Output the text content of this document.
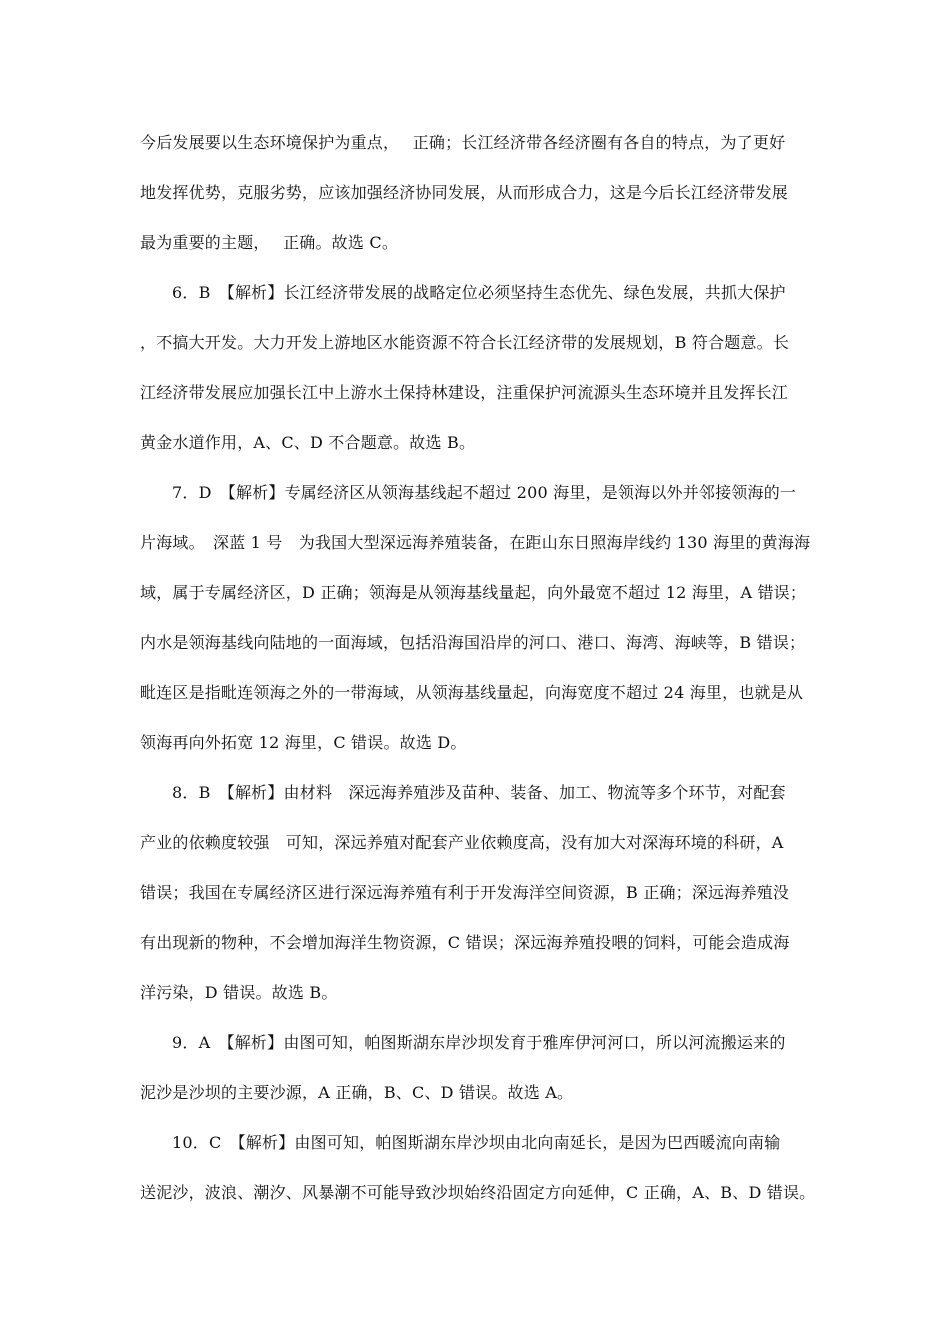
今后发展要以生态环境保护为重点，　 正确；长江经济带各经济圈有各自的特点，为了更好
地发挥优势，克服劣势，应该加强经济协同发展，从而形成合力，这是今后长江经济带发展
最为重要的主题，　 正确。故选 C。
6．B　【解析】长江经济带发展的战略定位必须坚持生态优先、绿色发展，共抓大保护
，不搞大开发。大力开发上游地区水能资源不符合长江经济带的发展规划，B 符合题意。长
江经济带发展应加强长江中上游水土保持林建设，注重保护河流源头生态环境并且发挥长江
黄金水道作用，A、C、D 不合题意。故选 B。
7．D　【解析】专属经济区从领海基线起不超过 200 海里，是领海以外并邻接领海的一
片海域。　深蓝 1 号　为我国大型深远海养殖装备，在距山东日照海岸线约 130 海里的黄海海
域，属于专属经济区，D 正确；领海是从领海基线量起，向外最宽不超过 12 海里，A 错误；
内水是领海基线向陆地的一面海域，包括沿海国沿岸的河口、港口、海湾、海峡等，B 错误；
毗连区是指毗连领海之外的一带海域，从领海基线量起，向海宽度不超过 24 海里，也就是从
领海再向外拓宽 12 海里，C 错误。故选 D。
8．B　【解析】由材料　深远海养殖涉及苗种、装备、加工、物流等多个环节，对配套
产业的依赖度较强　可知，深远养殖对配套产业依赖度高，没有加大对深海环境的科研，A
错误；我国在专属经济区进行深远海养殖有利于开发海洋空间资源，B 正确；深远海养殖没
有出现新的物种，不会增加海洋生物资源，C 错误；深远海养殖投喂的饲料，可能会造成海
洋污染，D 错误。故选 B。
9．A　【解析】由图可知，帕图斯湖东岸沙坝发育于雅库伊河河口，所以河流搬运来的
泥沙是沙坝的主要沙源，A 正确，B、C、D 错误。故选 A。
10．C　【解析】由图可知，帕图斯湖东岸沙坝由北向南延长，是因为巴西暖流向南输
送泥沙，波浪、潮汐、风暴潮不可能导致沙坝始终沿固定方向延伸，C 正确，A、B、D 错误。
